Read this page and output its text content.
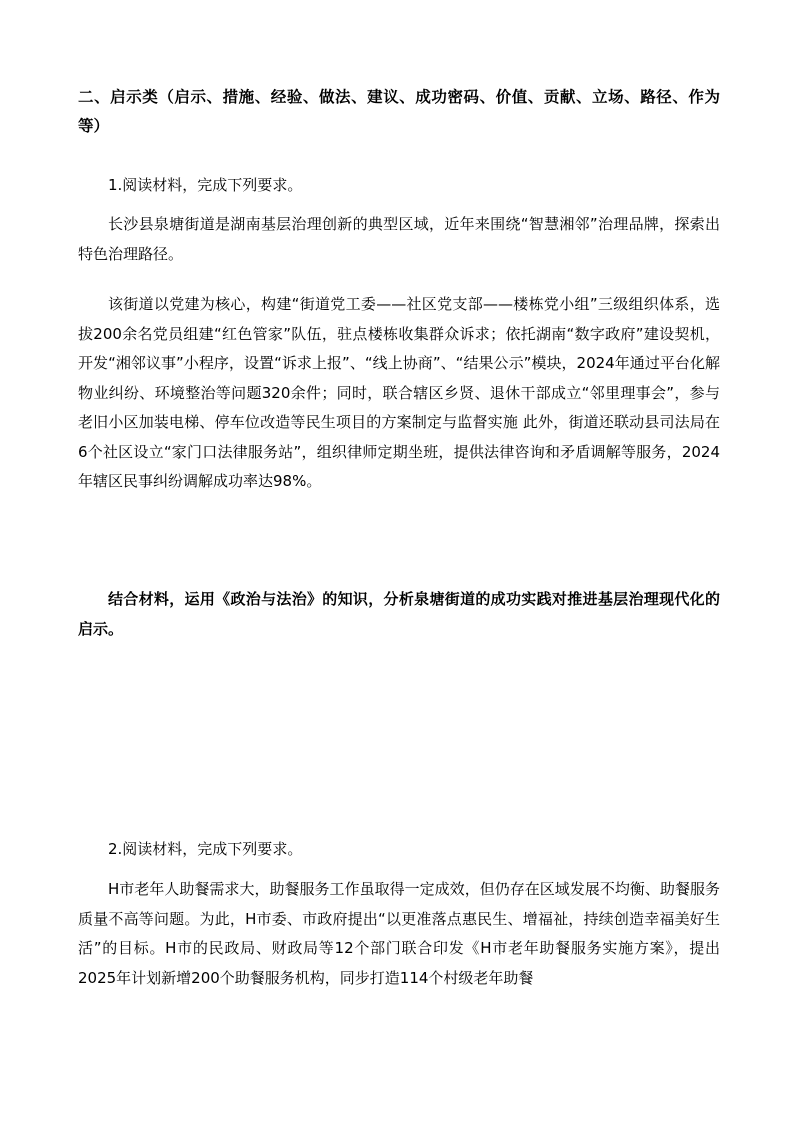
二、启示类（启示、措施、经验、做法、建议、成功密码、价值、贡献、立场、路径、作为等）

1.阅读材料，完成下列要求。

长沙县泉塘街道是湖南基层治理创新的典型区域，近年来围绕“智慧湘邻”治理品牌，探索出特色治理路径。

该街道以党建为核心，构建“街道党工委——社区党支部——楼栋党小组”三级组织体系，选拔200余名党员组建“红色管家”队伍，驻点楼栋收集群众诉求；依托湖南“数字政府”建设契机，开发“湘邻议事”小程序，设置“诉求上报”、“线上协商”、“结果公示”模块，2024年通过平台化解物业纠纷、环境整治等问题320余件；同时，联合辖区乡贤、退休干部成立“邻里理事会”，参与老旧小区加装电梯、停车位改造等民生项目的方案制定与监督实施 此外，街道还联动县司法局在6个社区设立“家门口法律服务站”，组织律师定期坐班，提供法律咨询和矛盾调解等服务，2024年辖区民事纠纷调解成功率达98%。

结合材料，运用《政治与法治》的知识，分析泉塘街道的成功实践对推进基层治理现代化的启示。

2.阅读材料，完成下列要求。

H市老年人助餐需求大，助餐服务工作虽取得一定成效，但仍存在区域发展不均衡、助餐服务质量不高等问题。为此，H市委、市政府提出“以更准落点惠民生、增福祉，持续创造幸福美好生活”的目标。H市的民政局、财政局等12个部门联合印发《H市老年助餐服务实施方案》，提出2025年计划新增200个助餐服务机构，同步打造114个村级老年助餐
